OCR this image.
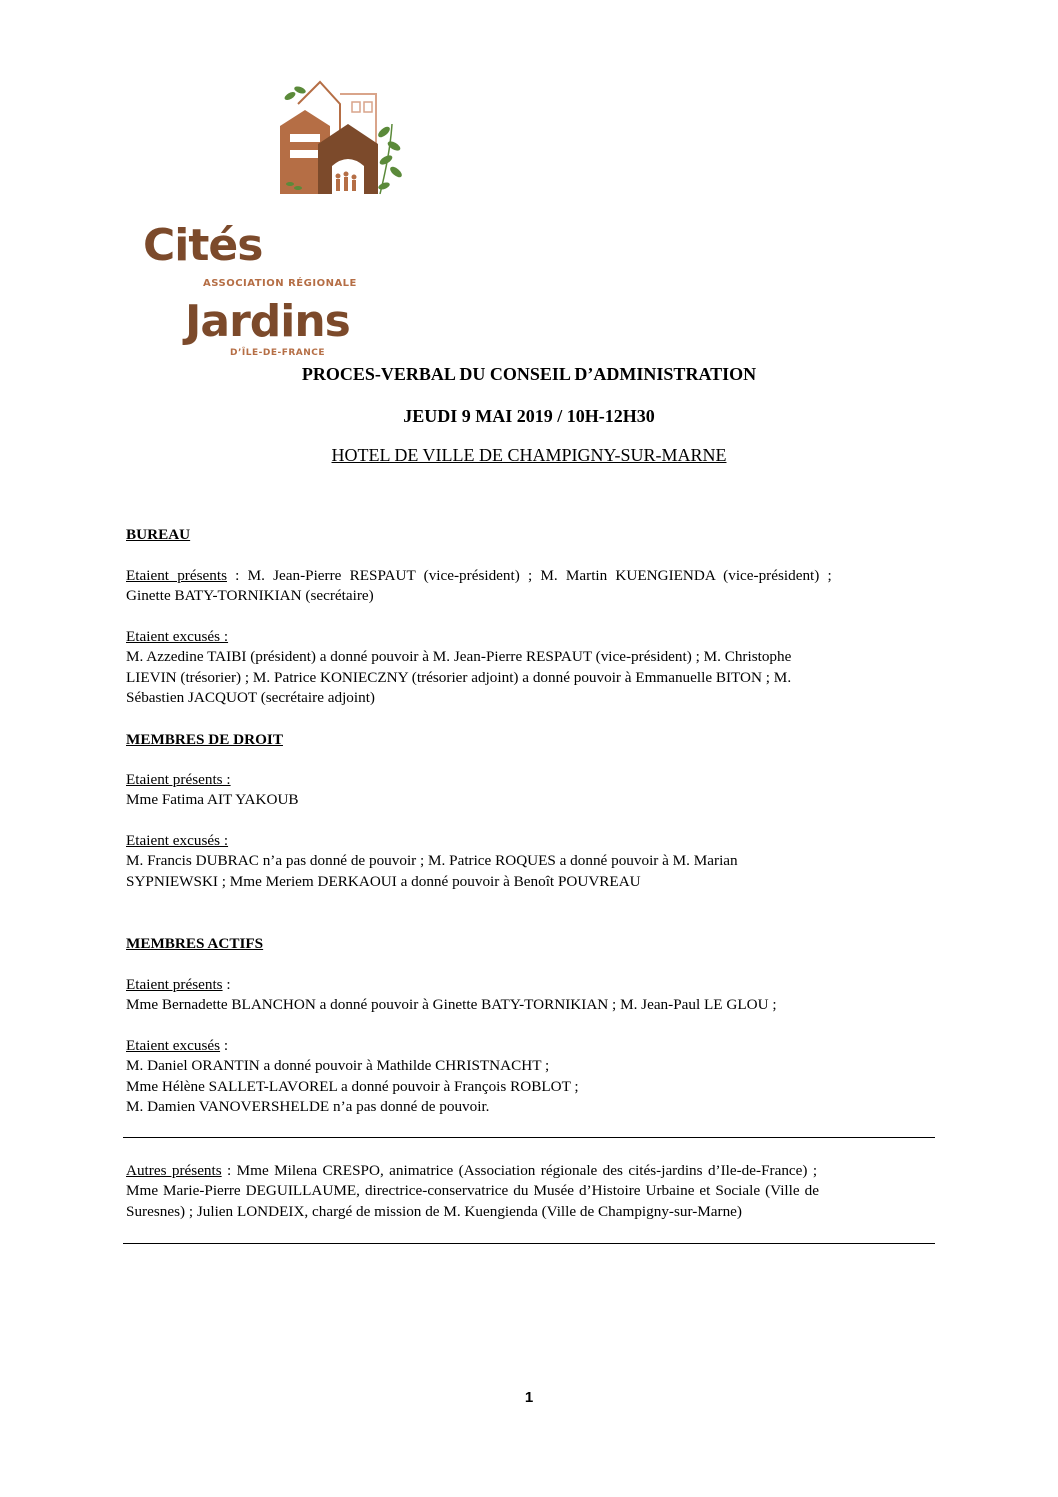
Cités
ASSOCIATION RÉGIONALE
Jardins
D’ÎLE-DE-FRANCE
PROCES-VERBAL DU CONSEIL D’ADMINISTRATION
JEUDI 9 MAI 2019 / 10H-12H30
HOTEL DE VILLE DE CHAMPIGNY-SUR-MARNE
BUREAU
Etaient présents : M. Jean-Pierre RESPAUT (vice-président) ; M. Martin KUENGIENDA (vice-président) ;
Ginette BATY-TORNIKIAN (secrétaire)
Etaient excusés :
M. Azzedine TAIBI (président) a donné pouvoir à M. Jean-Pierre RESPAUT (vice-président) ; M. Christophe
LIEVIN (trésorier) ; M. Patrice KONIECZNY (trésorier adjoint) a donné pouvoir à Emmanuelle BITON ; M.
Sébastien JACQUOT (secrétaire adjoint)
MEMBRES DE DROIT
Etaient présents :
Mme Fatima AIT YAKOUB
Etaient excusés :
M. Francis DUBRAC n’a pas donné de pouvoir ; M. Patrice ROQUES a donné pouvoir à M. Marian
SYPNIEWSKI ; Mme Meriem DERKAOUI a donné pouvoir à Benoît POUVREAU
MEMBRES ACTIFS
Etaient présents :
Mme Bernadette BLANCHON a donné pouvoir à Ginette BATY-TORNIKIAN ; M. Jean-Paul LE GLOU ;
Etaient excusés :
M. Daniel ORANTIN a donné pouvoir à Mathilde CHRISTNACHT ;
Mme Hélène SALLET-LAVOREL a donné pouvoir à François ROBLOT ;
M. Damien VANOVERSHELDE n’a pas donné de pouvoir.
Autres présents : Mme Milena CRESPO, animatrice (Association régionale des cités-jardins d’Ile-de-France) ;
Mme Marie-Pierre DEGUILLAUME, directrice-conservatrice du Musée d’Histoire Urbaine et Sociale (Ville de
Suresnes) ; Julien LONDEIX, chargé de mission de M. Kuengienda (Ville de Champigny-sur-Marne)
1
